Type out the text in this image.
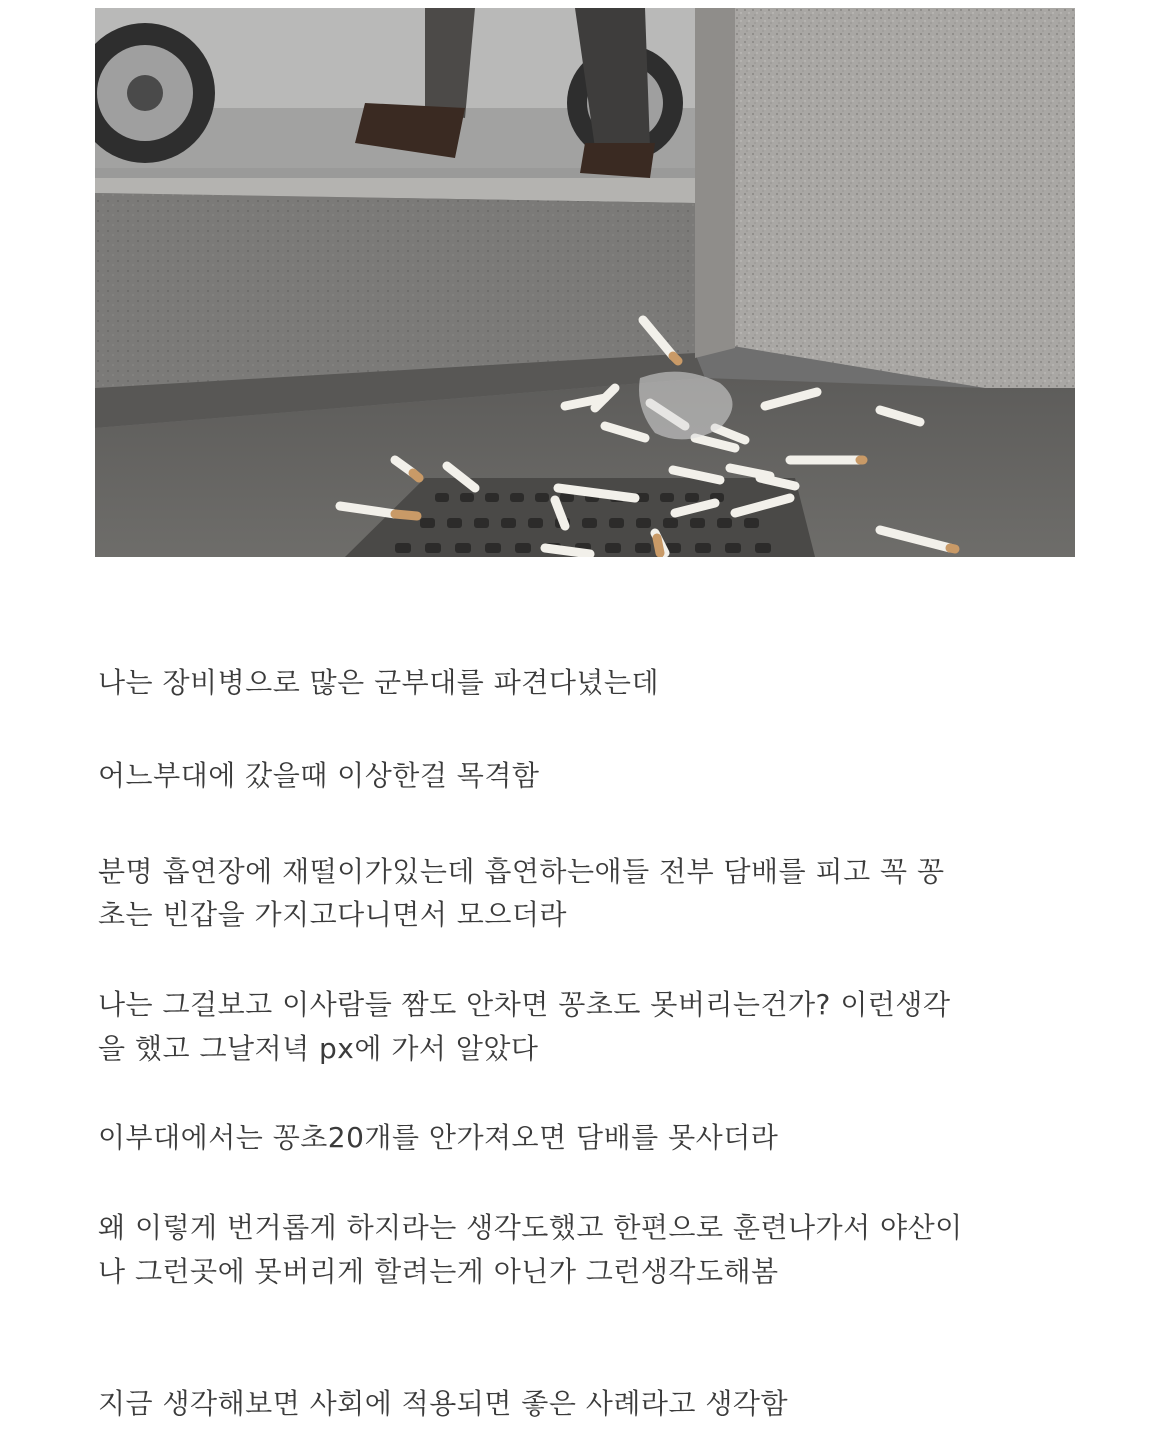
나는 장비병으로 많은 군부대를 파견다녔는데
어느부대에 갔을때 이상한걸 목격함
분명 흡연장에 재떨이가있는데 흡연하는애들 전부 담배를 피고 꼭 꽁
초는 빈갑을 가지고다니면서 모으더라
나는 그걸보고 이사람들 짬도 안차면 꽁초도 못버리는건가? 이런생각
을 했고 그날저녁 px에 가서 알았다
이부대에서는 꽁초20개를 안가져오면 담배를 못사더라
왜 이렇게 번거롭게 하지라는 생각도했고 한편으로 훈련나가서 야산이
나 그런곳에 못버리게 할려는게 아닌가 그런생각도해봄
지금 생각해보면 사회에 적용되면 좋은 사례라고 생각함
